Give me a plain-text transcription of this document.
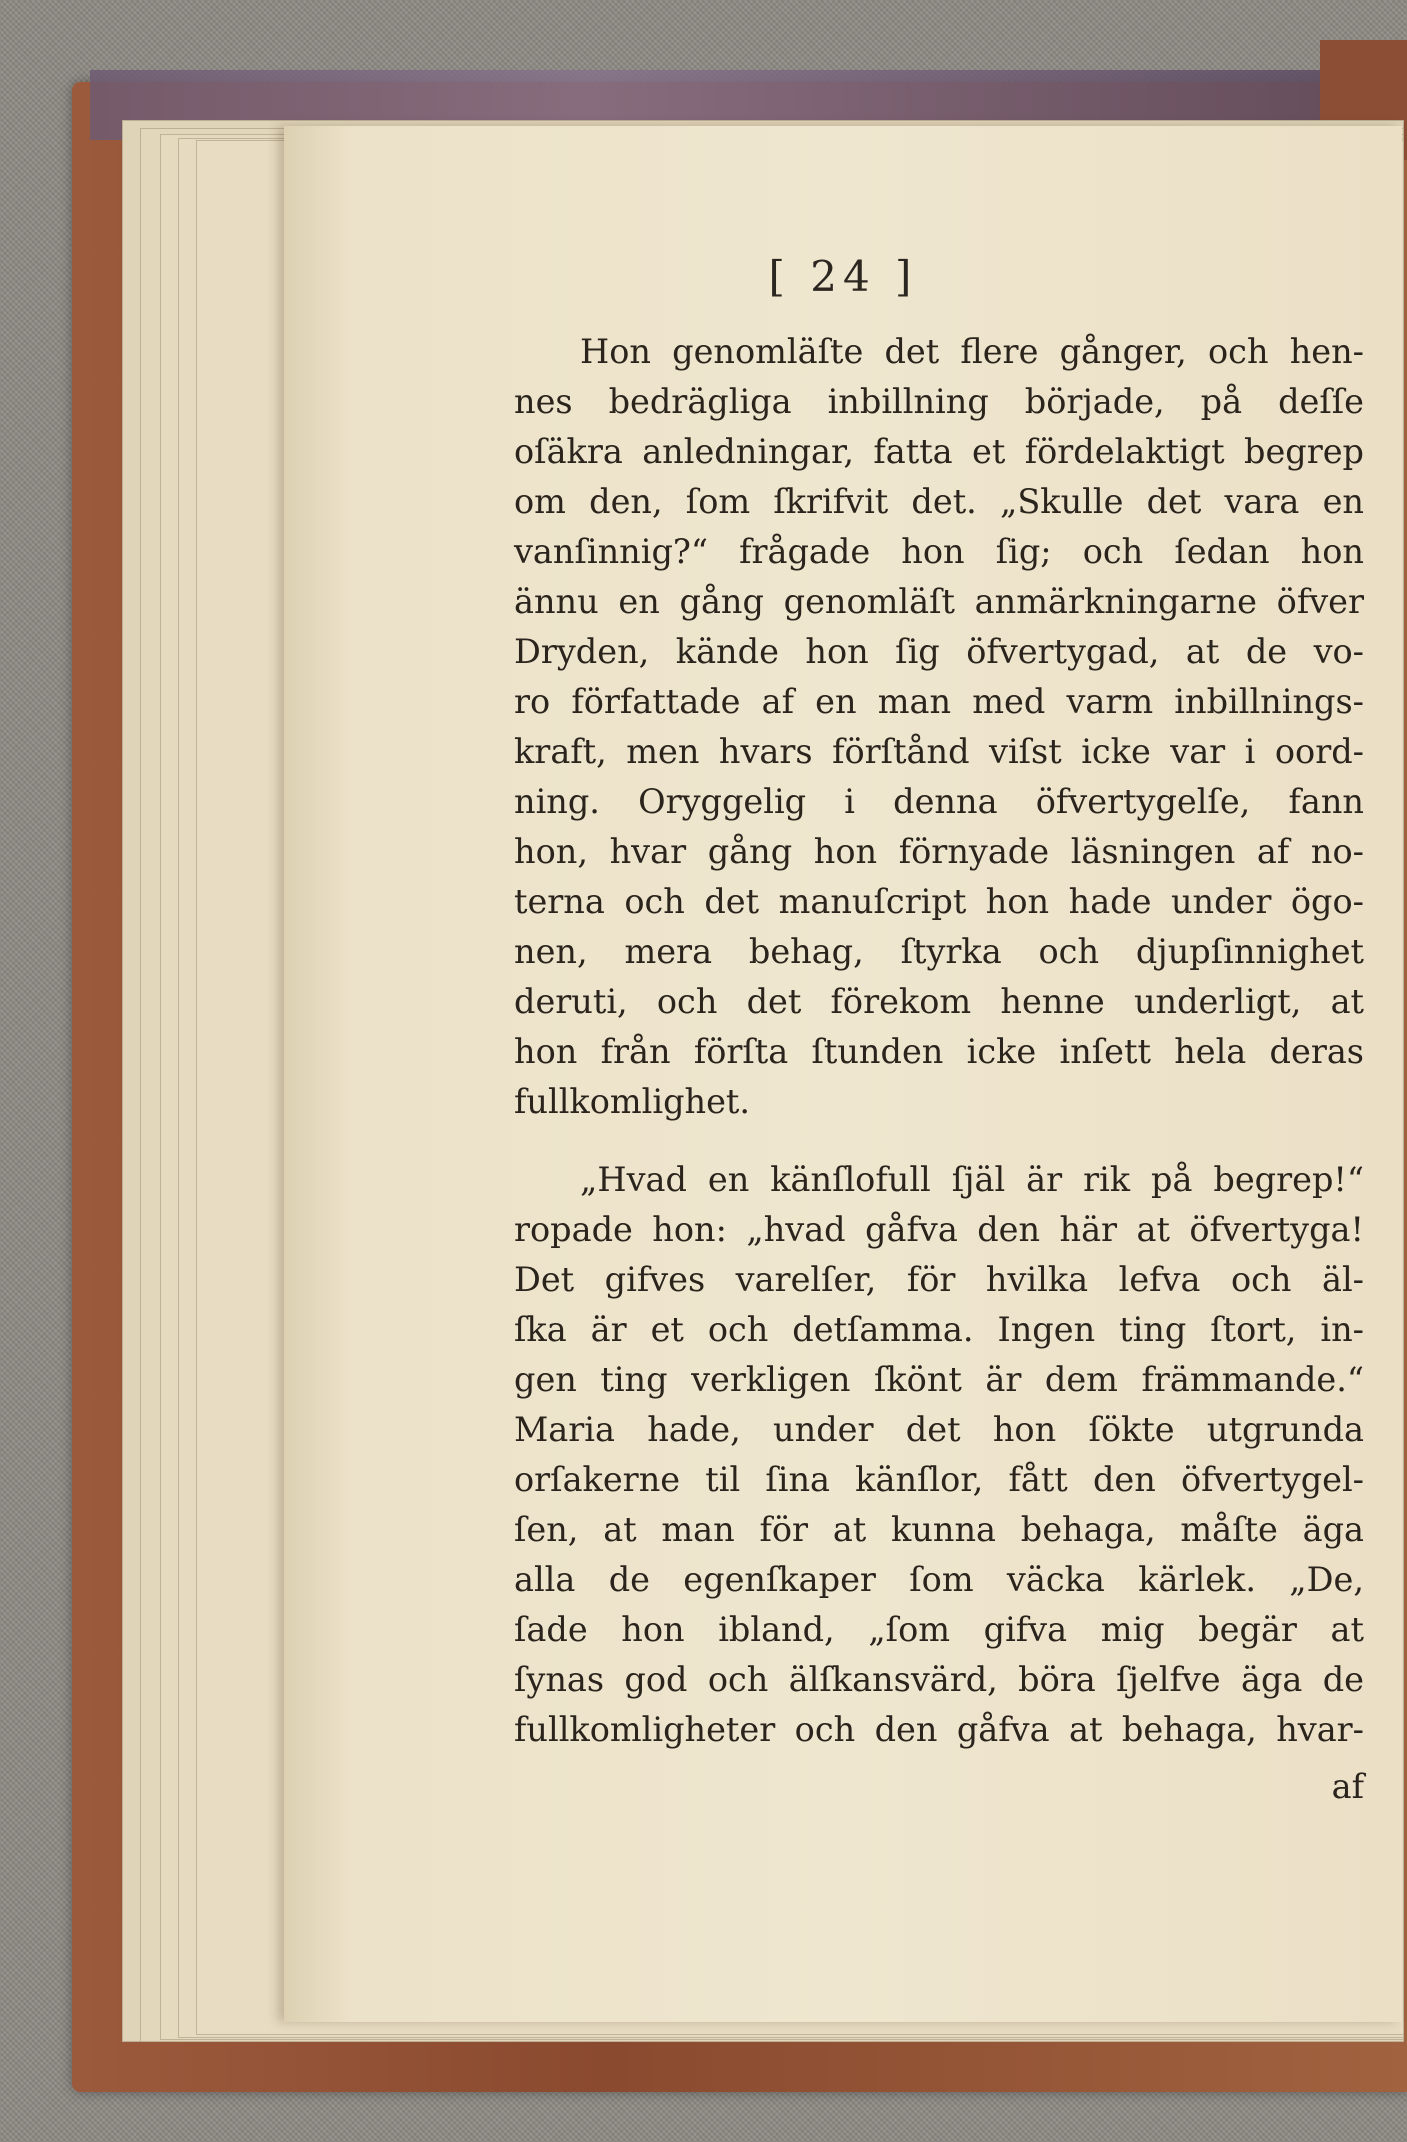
[ 24 ]
Hon genomläſte det flere gånger, och hen-
nes bedrägliga inbillning började, på deſſe
oſäkra anledningar, fatta et fördelaktigt begrep
om den, ſom ſkrifvit det. „Skulle det vara en
vanſinnig?“ frågade hon ſig; och ſedan hon
ännu en gång genomläſt anmärkningarne öfver
Dryden, kände hon ſig öfvertygad, at de vo-
ro författade af en man med varm inbillnings-
kraft, men hvars förſtånd viſst icke var i oord-
ning. Oryggelig i denna öfvertygelſe, fann
hon, hvar gång hon förnyade läsningen af no-
terna och det manuſcript hon hade under ögo-
nen, mera behag, ſtyrka och djupſinnighet
deruti, och det förekom henne underligt, at
hon från förſta ſtunden icke inſett hela deras
fullkomlighet.
„Hvad en känſlofull ſjäl är rik på begrep!“
ropade hon: „hvad gåfva den här at öfvertyga!
Det gifves varelſer, för hvilka lefva och äl-
ſka är et och detſamma. Ingen ting ſtort, in-
gen ting verkligen ſkönt är dem främmande.“
Maria hade, under det hon ſökte utgrunda
orſakerne til ſina känſlor, fått den öfvertygel-
ſen, at man för at kunna behaga, måſte äga
alla de egenſkaper ſom väcka kärlek. „De,
ſade hon ibland, „ſom gifva mig begär at
ſynas god och älſkansvärd, böra ſjelfve äga de
fullkomligheter och den gåfva at behaga, hvar-
af
